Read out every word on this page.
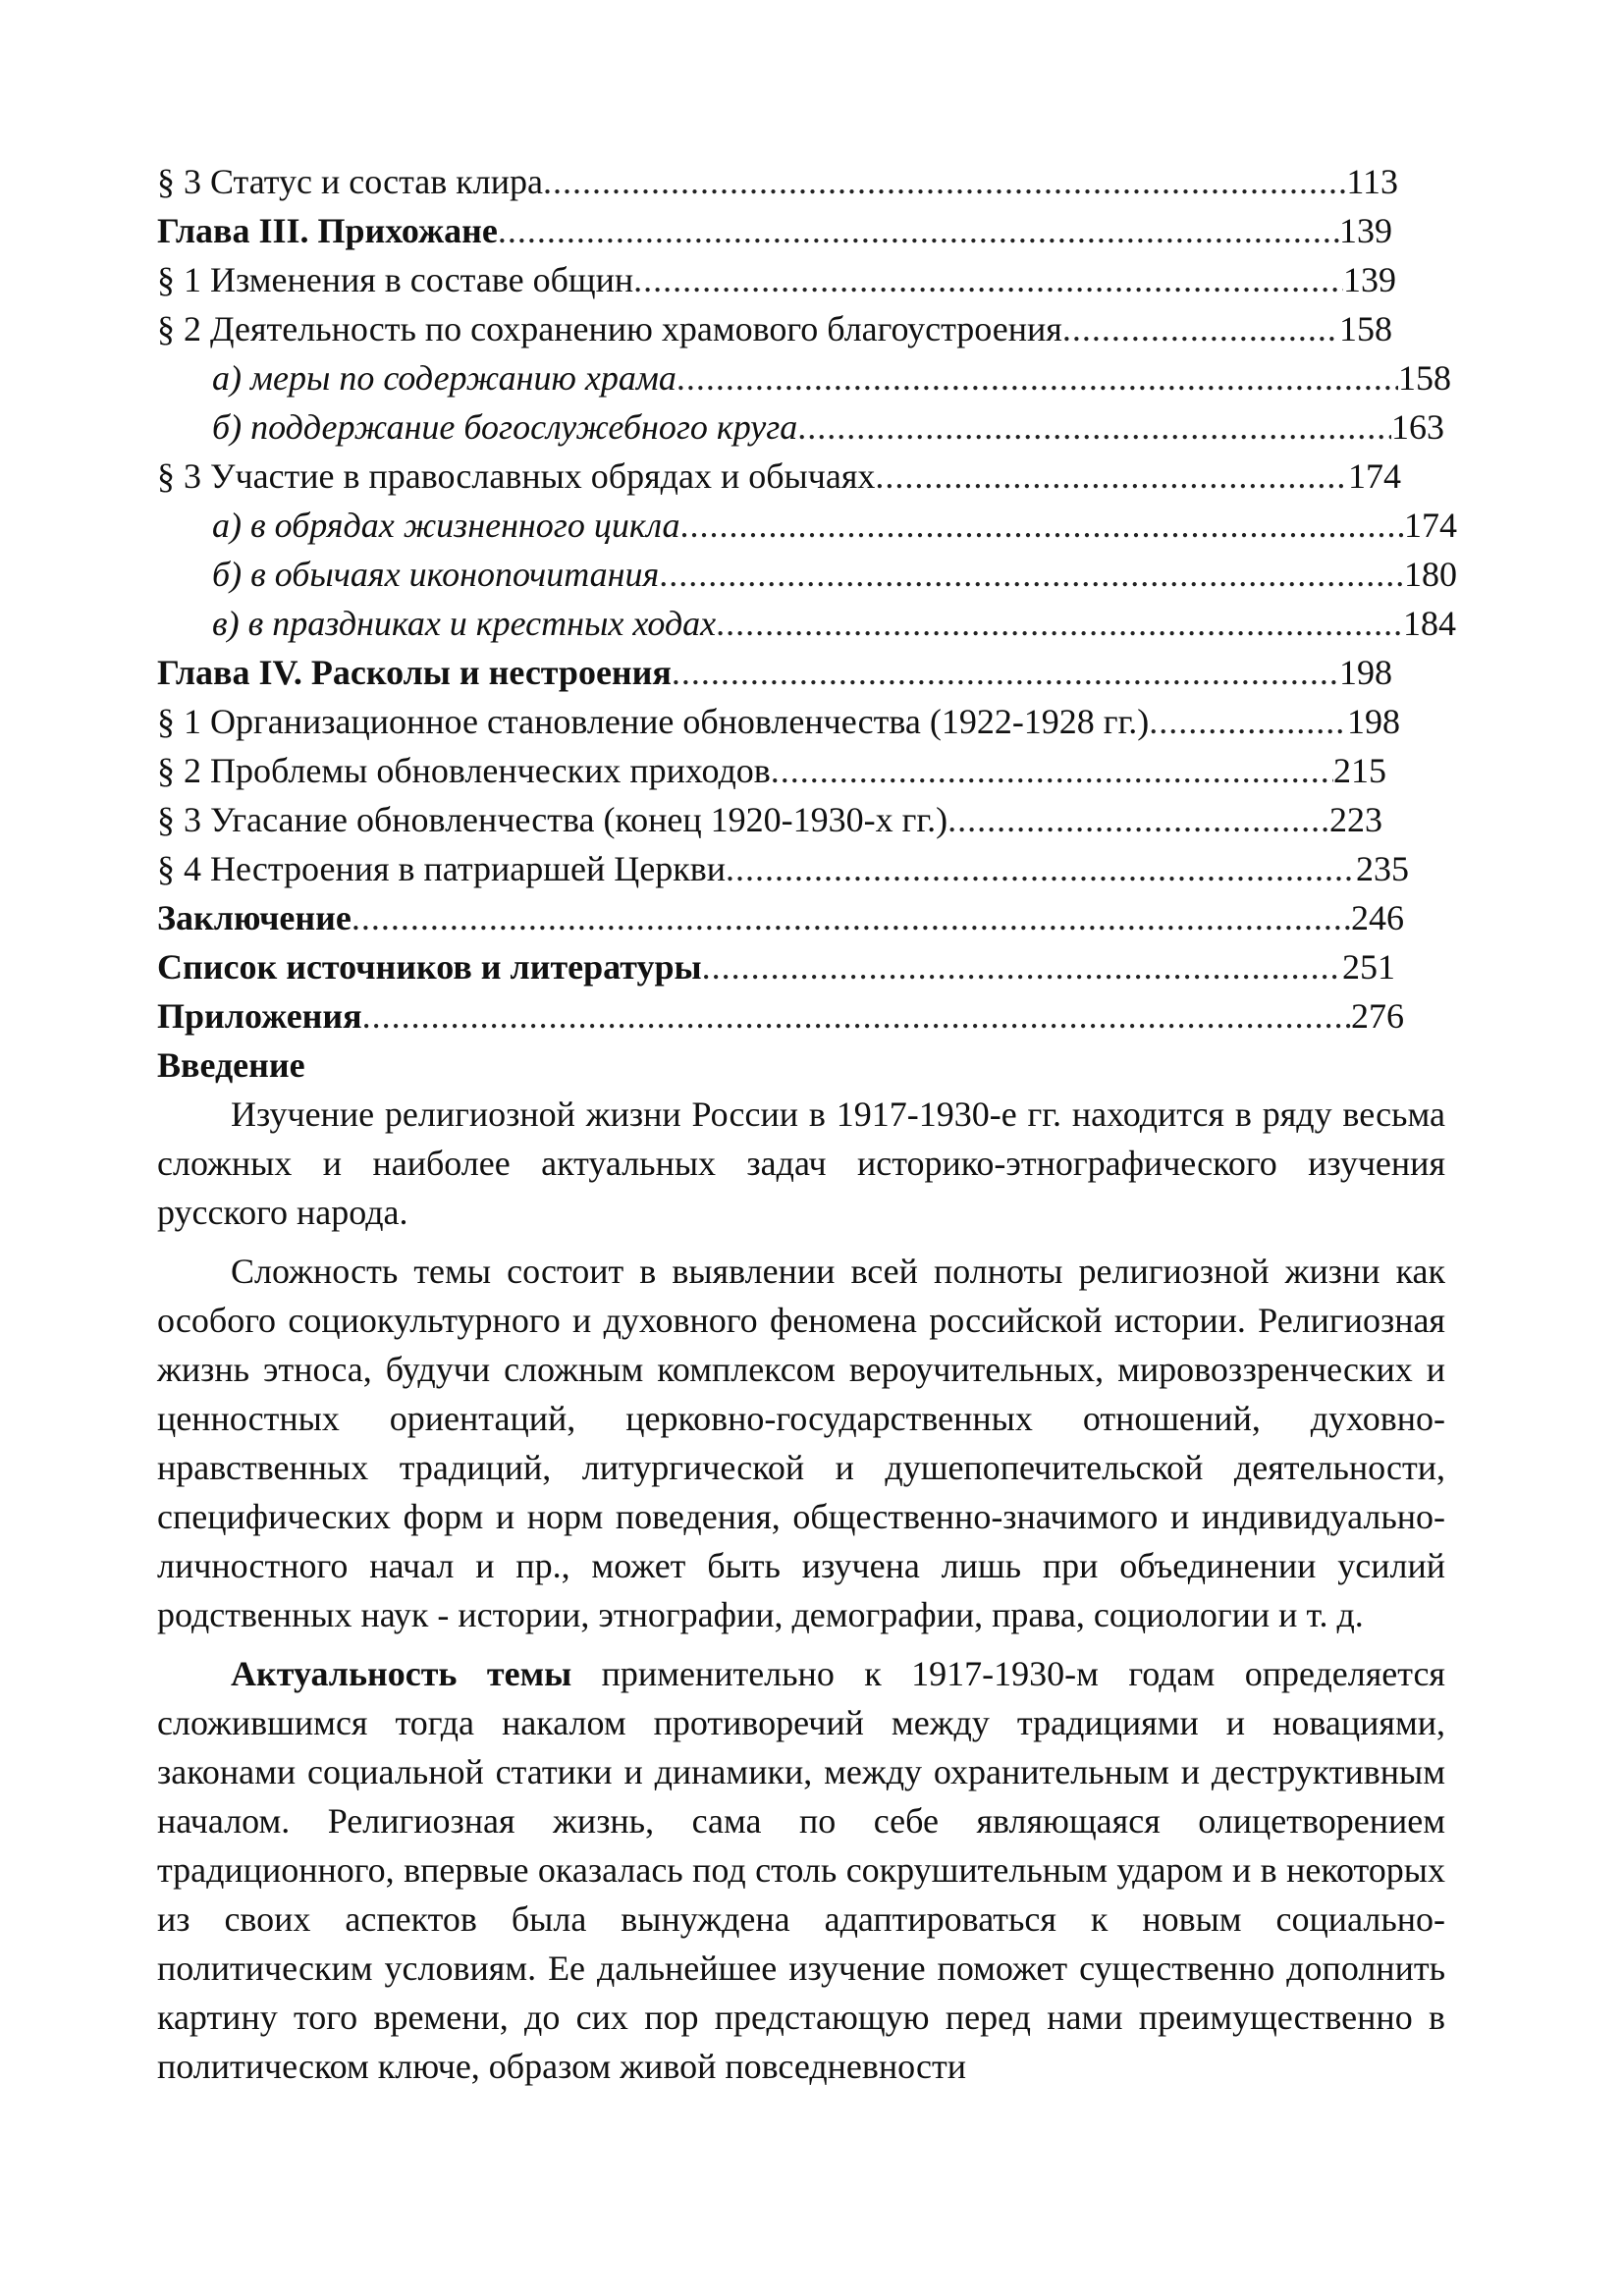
§ 3 Статус и состав клира .....	113
Глава III. Прихожане .....	139
§ 1 Изменения в составе общин .....	139
§ 2 Деятельность по сохранению храмового благоустроения .....	158
а) меры по содержанию храма .....	158
б) поддержание богослужебного круга .....	163
§ 3 Участие в православных обрядах и обычаях .....	174
а) в обрядах жизненного цикла .....	174
б) в обычаях иконопочитания .....	180
в) в праздниках и крестных ходах .....	184
Глава IV. Расколы и нестроения .....	198
§ 1 Организационное становление обновленчества (1922-1928 гг.) .....	198
§ 2 Проблемы обновленческих приходов .....	215
§ 3 Угасание обновленчества (конец 1920-1930-х гг.) .....	223
§ 4 Нестроения в патриаршей Церкви .....	235
Заключение .....	246
Список источников и литературы .....	251
Приложения .....	276
Введение

Изучение религиозной жизни России в 1917-1930-е гг. находится в ряду весьма сложных и наиболее актуальных задач историко-этнографического изучения русского народа.

Сложность темы состоит в выявлении всей полноты религиозной жизни как особого социокультурного и духовного феномена российской истории. Религиозная жизнь этноса, будучи сложным комплексом вероучительных, мировоззренческих и ценностных ориентаций, церковно-государственных отношений, духовно-нравственных традиций, литургической и душепопечительской деятельности, специфических форм и норм поведения, общественно-значимого и индивидуально-личностного начал и пр., может быть изучена лишь при объединении усилий родственных наук - истории, этнографии, демографии, права, социологии и т. д.

Актуальность темы применительно к 1917-1930-м годам определяется сложившимся тогда накалом противоречий между традициями и новациями, законами социальной статики и динамики, между охранительным и деструктивным началом. Религиозная жизнь, сама по себе являющаяся олицетворением традиционного, впервые оказалась под столь сокрушительным ударом и в некоторых из своих аспектов была вынуждена адаптироваться к новым социально-политическим условиям. Ее дальнейшее изучение поможет существенно дополнить картину того времени, до сих пор предстающую перед нами преимущественно в политическом ключе, образом живой повседневности
